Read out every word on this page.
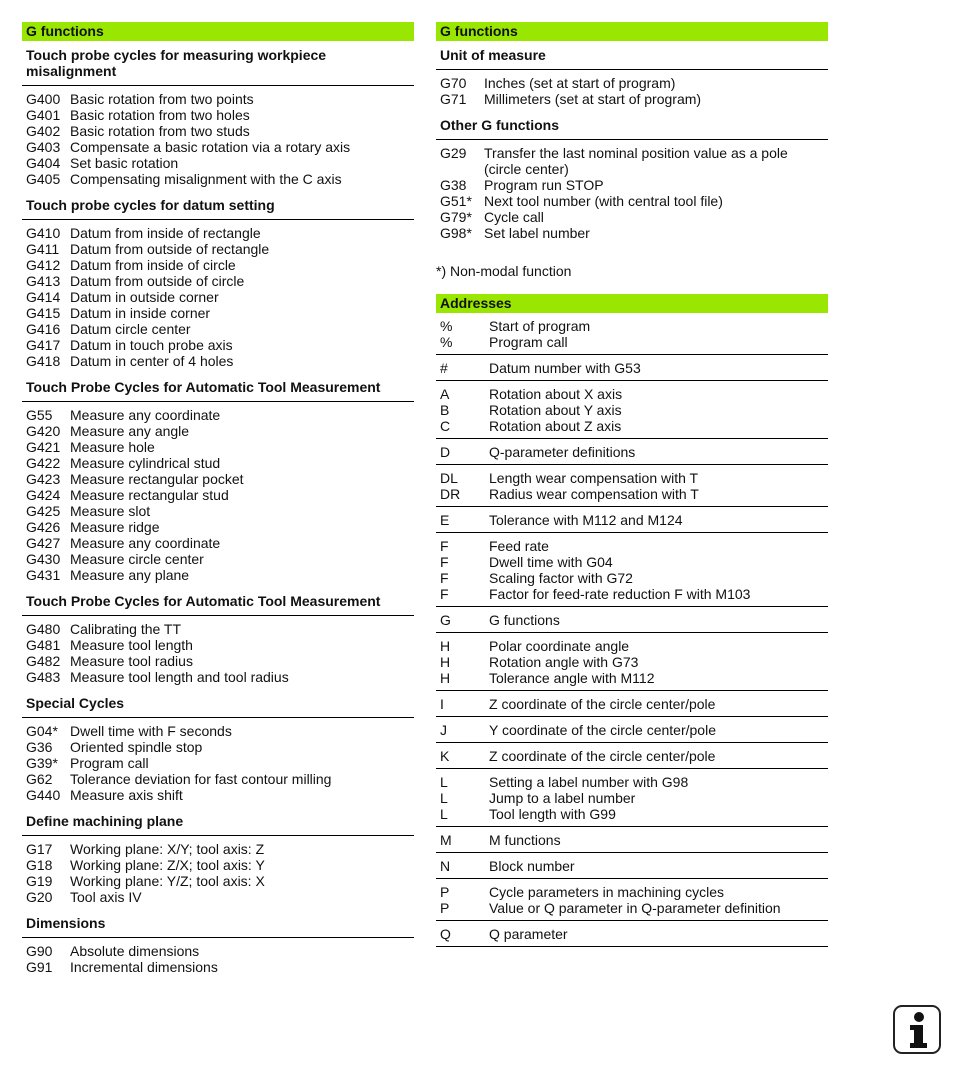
G functions
Touch probe cycles for measuring workpiece misalignment
G400 Basic rotation from two points
G401 Basic rotation from two holes
G402 Basic rotation from two studs
G403 Compensate a basic rotation via a rotary axis
G404 Set basic rotation
G405 Compensating misalignment with the C axis
Touch probe cycles for datum setting
G410 Datum from inside of rectangle
G411 Datum from outside of rectangle
G412 Datum from inside of circle
G413 Datum from outside of circle
G414 Datum in outside corner
G415 Datum in inside corner
G416 Datum circle center
G417 Datum in touch probe axis
G418 Datum in center of 4 holes
Touch Probe Cycles for Automatic Tool Measurement
G55	Measure any coordinate
G420 Measure any angle
G421 Measure hole
G422 Measure cylindrical stud
G423 Measure rectangular pocket
G424 Measure rectangular stud
G425 Measure slot
G426 Measure ridge
G427 Measure any coordinate
G430 Measure circle center
G431 Measure any plane
Touch Probe Cycles for Automatic Tool Measurement
G480 Calibrating the TT
G481 Measure tool length
G482 Measure tool radius
G483 Measure tool length and tool radius
Special Cycles
G04* Dwell time with F seconds
G36	Oriented spindle stop
G39* Program call
G62	Tolerance deviation for fast contour milling
G440 Measure axis shift
Define machining plane
G17	Working plane: X/Y; tool axis: Z
G18	Working plane: Z/X; tool axis: Y
G19	Working plane: Y/Z; tool axis: X
G20	Tool axis IV
Dimensions
G90	Absolute dimensions
G91	Incremental dimensions
G functions
Unit of measure
G70	Inches (set at start of program)
G71	Millimeters (set at start of program)
Other G functions
G29	Transfer the last nominal position value as a pole
(circle center)
G38	Program run STOP
G51* Next tool number (with central tool file)
G79* Cycle call
G98* Set label number
*) Non-modal function
Addresses
%	Start of program
%	Program call
#	Datum number with G53
A	Rotation about X axis
B	Rotation about Y axis
C	Rotation about Z axis
D	Q-parameter definitions
DL	Length wear compensation with T
DR	Radius wear compensation with T
E	Tolerance with M112 and M124
F	Feed rate
F	Dwell time with G04
F	Scaling factor with G72
F	Factor for feed-rate reduction F with M103
G	G functions
H	Polar coordinate angle
H	Rotation angle with G73
H	Tolerance angle with M112
I	Z coordinate of the circle center/pole
J	Y coordinate of the circle center/pole
K	Z coordinate of the circle center/pole
L	Setting a label number with G98
L	Jump to a label number
L	Tool length with G99
M	M functions
N	Block number
P	Cycle parameters in machining cycles
P	Value or Q parameter in Q-parameter definition
Q	Q parameter
